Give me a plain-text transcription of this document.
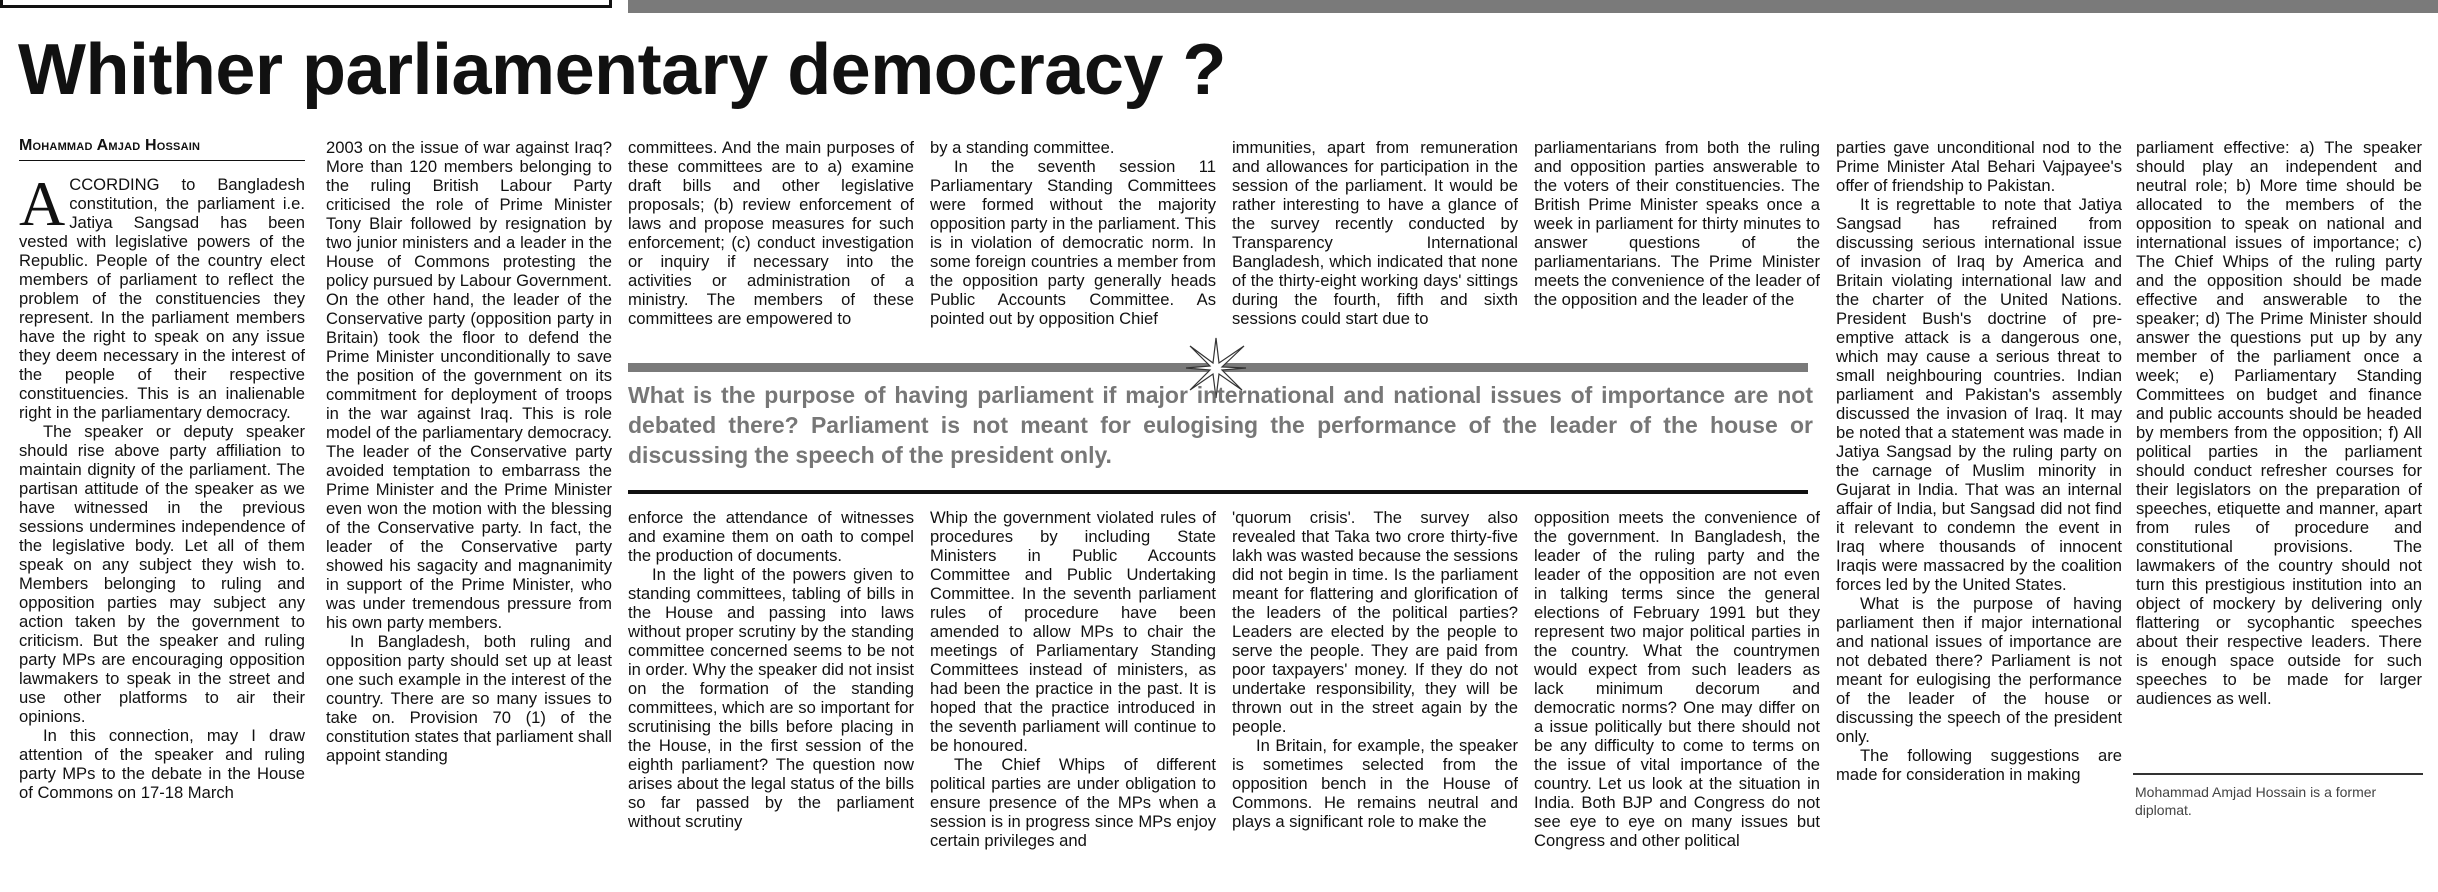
Whither parliamentary democracy ?
Mohammad Amjad Hossain

ACCORDING to Bangladesh constitution, the parliament i.e. Jatiya Sangsad has been vested with legislative powers of the Republic. People of the country elect members of parliament to reflect the problem of the constituencies they represent. In the parliament members have the right to speak on any issue they deem necessary in the interest of the people of their respective constituencies. This is an inalienable right in the parliamentary democracy.

The speaker or deputy speaker should rise above party affiliation to maintain dignity of the parliament. The partisan attitude of the speaker as we have witnessed in the previous sessions undermines independence of the legislative body. Let all of them speak on any subject they wish to. Members belonging to ruling and opposition parties may subject any action taken by the government to criticism. But the speaker and ruling party MPs are encouraging opposition lawmakers to speak in the street and use other platforms to air their opinions.

In this connection, may I draw attention of the speaker and ruling party MPs to the debate in the House of Commons on 17-18 March

2003 on the issue of war against Iraq? More than 120 members belonging to the ruling British Labour Party criticised the role of Prime Minister Tony Blair followed by resignation by two junior ministers and a leader in the House of Commons protesting the policy pursued by Labour Government. On the other hand, the leader of the Conservative party (opposition party in Britain) took the floor to defend the Prime Minister unconditionally to save the position of the government on its commitment for deployment of troops in the war against Iraq. This is role model of the parliamentary democracy. The leader of the Conservative party avoided temptation to embarrass the Prime Minister and the Prime Minister even won the motion with the blessing of the Conservative party. In fact, the leader of the Conservative party showed his sagacity and magnanimity in support of the Prime Minister, who was under tremendous pressure from his own party members.

In Bangladesh, both ruling and opposition party should set up at least one such example in the interest of the country. There are so many issues to take on. Provision 70 (1) of the constitution states that parliament shall appoint standing

committees. And the main purposes of these committees are to a) examine draft bills and other legislative proposals; (b) review enforcement of laws and propose measures for such enforcement; (c) conduct investigation or inquiry if necessary into the activities or administration of a ministry. The members of these committees are empowered to

by a standing committee.

In the seventh session 11 Parliamentary Standing Committees were formed without the majority opposition party in the parliament. This is in violation of democratic norm. In some foreign countries a member from the opposition party generally heads Public Accounts Committee. As pointed out by opposition Chief

immunities, apart from remuneration and allowances for participation in the session of the parliament. It would be rather interesting to have a glance of the survey recently conducted by Transparency International Bangladesh, which indicated that none of the thirty-eight working days' sittings during the fourth, fifth and sixth sessions could start due to

parliamentarians from both the ruling and opposition parties answerable to the voters of their constituencies. The British Prime Minister speaks once a week in parliament for thirty minutes to answer questions of the parliamentarians. The Prime Minister meets the convenience of the leader of the opposition and the leader of the

What is the purpose of having parliament if major international and national issues of importance are not debated there? Parliament is not meant for eulogising the performance of the leader of the house or discussing the speech of the president only.

enforce the attendance of witnesses and examine them on oath to compel the production of documents.

In the light of the powers given to standing committees, tabling of bills in the House and passing into laws without proper scrutiny by the standing committee concerned seems to be not in order. Why the speaker did not insist on the formation of the standing committees, which are so important for scrutinising the bills before placing in the House, in the first session of the eighth parliament? The question now arises about the legal status of the bills so far passed by the parliament without scrutiny

Whip the government violated rules of procedures by including State Ministers in Public Accounts Committee and Public Undertaking Committee. In the seventh parliament rules of procedure have been amended to allow MPs to chair the meetings of Parliamentary Standing Committees instead of ministers, as had been the practice in the past. It is hoped that the practice introduced in the seventh parliament will continue to be honoured.

The Chief Whips of different political parties are under obligation to ensure presence of the MPs when a session is in progress since MPs enjoy certain privileges and

'quorum crisis'. The survey also revealed that Taka two crore thirty-five lakh was wasted because the sessions did not begin in time. Is the parliament meant for flattering and glorification of the leaders of the political parties? Leaders are elected by the people to serve the people. They are paid from poor taxpayers' money. If they do not undertake responsibility, they will be thrown out in the street again by the people.

In Britain, for example, the speaker is sometimes selected from the opposition bench in the House of Commons. He remains neutral and plays a significant role to make the

opposition meets the convenience of the government. In Bangladesh, the leader of the ruling party and the leader of the opposition are not even in talking terms since the general elections of February 1991 but they represent two major political parties in the country. What the countrymen would expect from such leaders as lack minimum decorum and democratic norms? One may differ on a issue politically but there should not be any difficulty to come to terms on the issue of vital importance of the country. Let us look at the situation in India. Both BJP and Congress do not see eye to eye on many issues but Congress and other political

parties gave unconditional nod to the Prime Minister Atal Behari Vajpayee's offer of friendship to Pakistan.

It is regrettable to note that Jatiya Sangsad has refrained from discussing serious international issue of invasion of Iraq by America and Britain violating international law and the charter of the United Nations. President Bush's doctrine of pre-emptive attack is a dangerous one, which may cause a serious threat to small neighbouring countries. Indian parliament and Pakistan's assembly discussed the invasion of Iraq. It may be noted that a statement was made in Jatiya Sangsad by the ruling party on the carnage of Muslim minority in Gujarat in India. That was an internal affair of India, but Sangsad did not find it relevant to condemn the event in Iraq where thousands of innocent Iraqis were massacred by the coalition forces led by the United States.

What is the purpose of having parliament then if major international and national issues of importance are not debated there? Parliament is not meant for eulogising the performance of the leader of the house or discussing the speech of the president only.

The following suggestions are made for consideration in making

parliament effective: a) The speaker should play an independent and neutral role; b) More time should be allocated to the members of the opposition to speak on national and international issues of importance; c) The Chief Whips of the ruling party and the opposition should be made effective and answerable to the speaker; d) The Prime Minister should answer the questions put up by any member of the parliament once a week; e) Parliamentary Standing Committees on budget and finance and public accounts should be headed by members from the opposition; f) All political parties in the parliament should conduct refresher courses for their legislators on the preparation of speeches, etiquette and manner, apart from rules of procedure and constitutional provisions. The lawmakers of the country should not turn this prestigious institution into an object of mockery by delivering only flattering or sycophantic speeches about their respective leaders. There is enough space outside for such speeches to be made for larger audiences as well.

Mohammad Amjad Hossain is a former diplomat.
